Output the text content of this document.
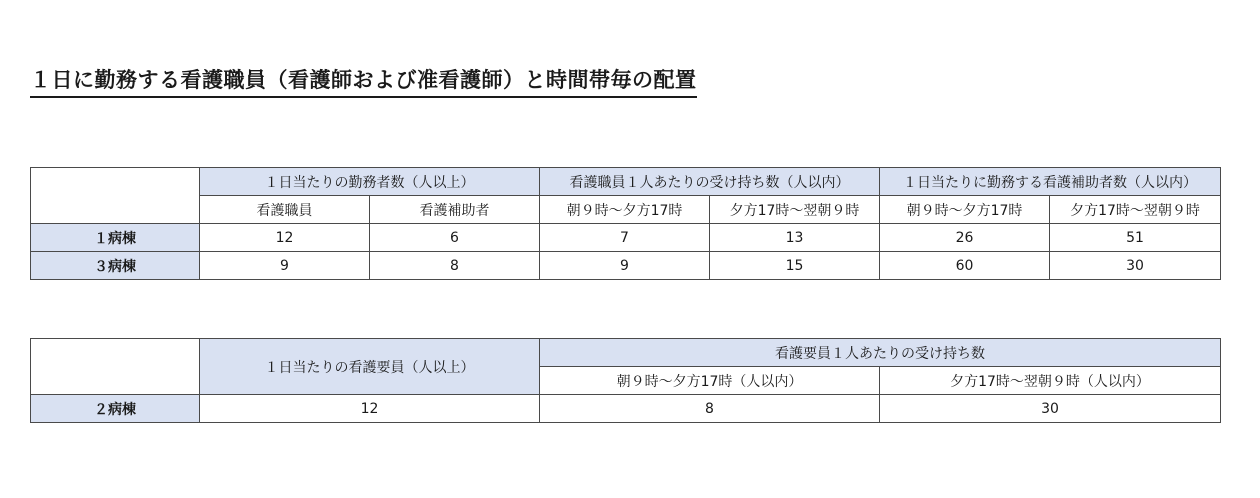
１日に勤務する看護職員（看護師および准看護師）と時間帯毎の配置
	１日当たりの勤務者数（人以上）		看護職員１人あたりの受け持ち数（人以内）		１日当たりに勤務する看護補助者数（人以内）	
	看護職員	看護補助者	朝９時～夕方17時	夕方17時～翌朝９時	朝９時～夕方17時	夕方17時～翌朝９時
１病棟	12	6	7	13	26	51
３病棟	9	8	9	15	60	30
	１日当たりの看護要員（人以上）	看護要員１人あたりの受け持ち数	
		朝９時～夕方17時（人以内）	夕方17時～翌朝９時（人以内）
２病棟	12	8	30
